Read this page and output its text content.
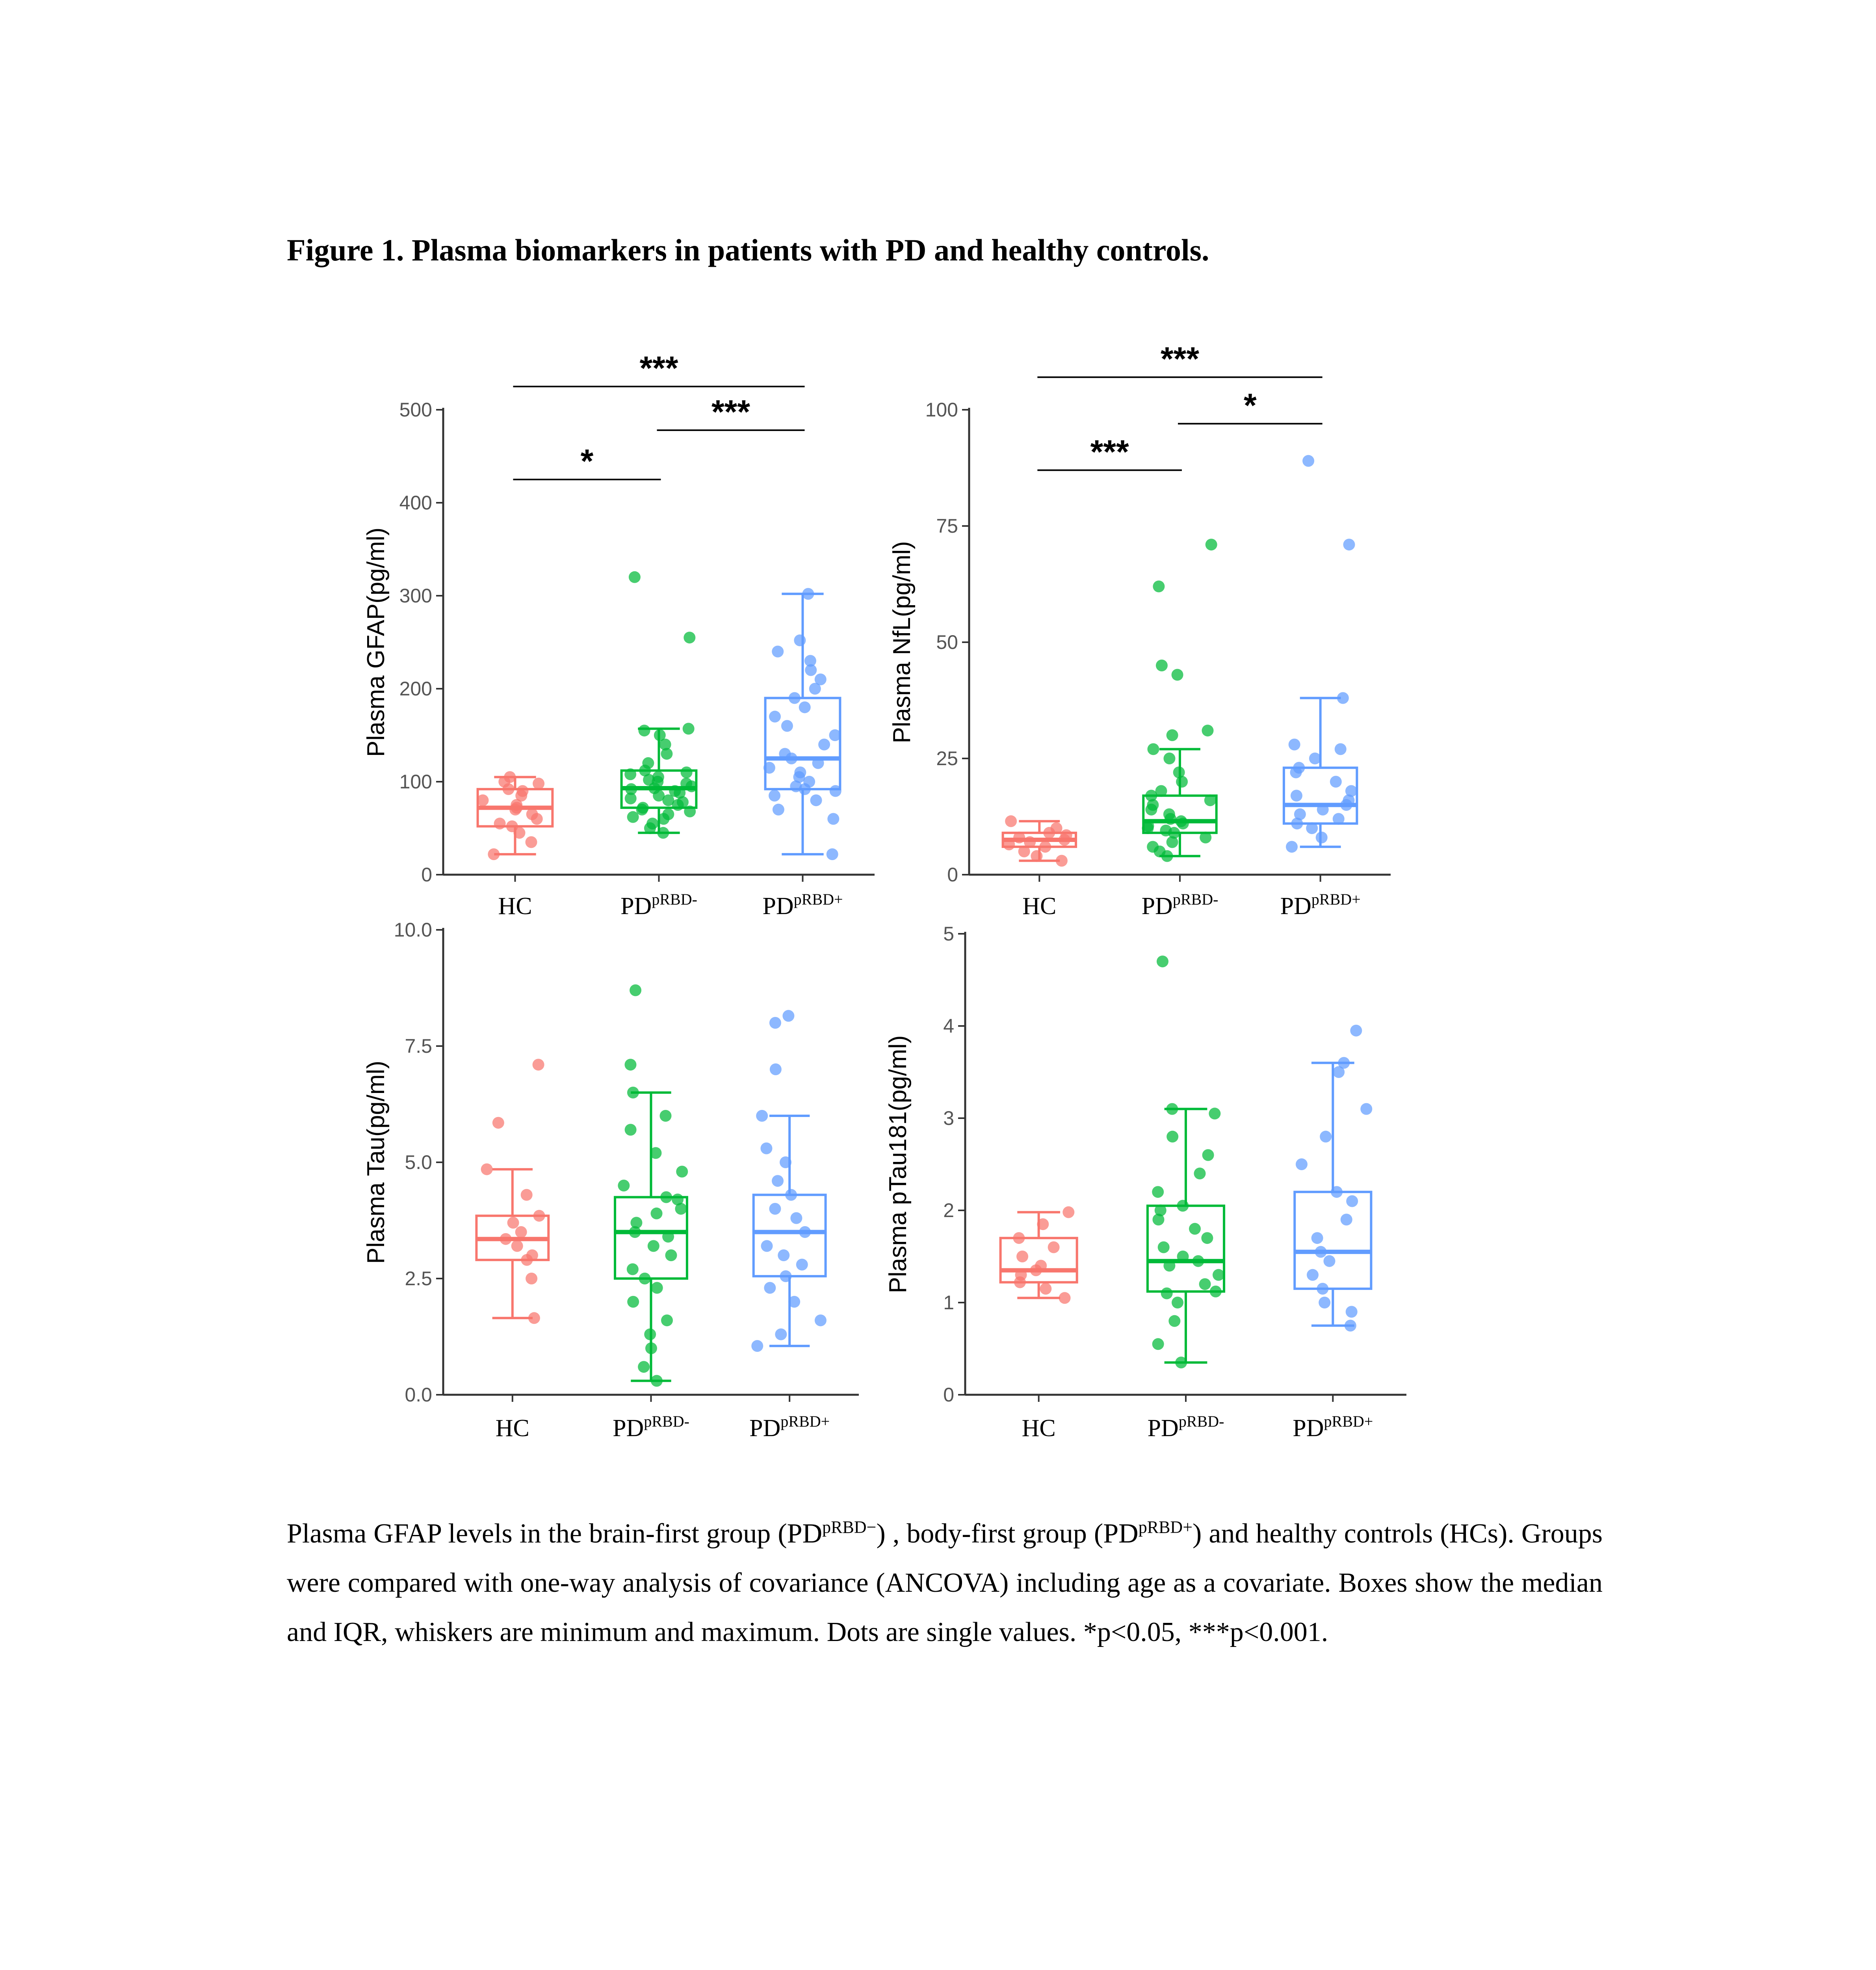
Figure 1. Plasma biomarkers in patients with PD and healthy controls.
0
100
200
300
400
500
Plasma GFAP(pg/ml)
HC	$PD^{pRBD-}$	$PD^{pRBD+}$
*
***
***
0
25
50
75
100
Plasma NfL(pg/ml)
HC	$PD^{pRBD-}$	$PD^{pRBD+}$
***
*
***
0.0
2.5
5.0
7.5
10.0
Plasma Tau(pg/ml)
HC	$PD^{pRBD-}$ $PD^{pRBD+}$
0
1
2
3
4
5
Plasma pTau181(pg/ml)
HC	$PD^{pRBD-}$	$PD^{pRBD+}$
Plasma GFAP levels in the brain-first group $(PD^{pRBD-})$ , body-first group $(PD^{pRBD+})$ and healthy controls (HCs). Groups were compared with one-way analysis of covariance (ANCOVA) including age as a covariate. Boxes show the median and IQR, whiskers are minimum and maximum. Dots are single values. *p<0.05, ***p<0.001.
